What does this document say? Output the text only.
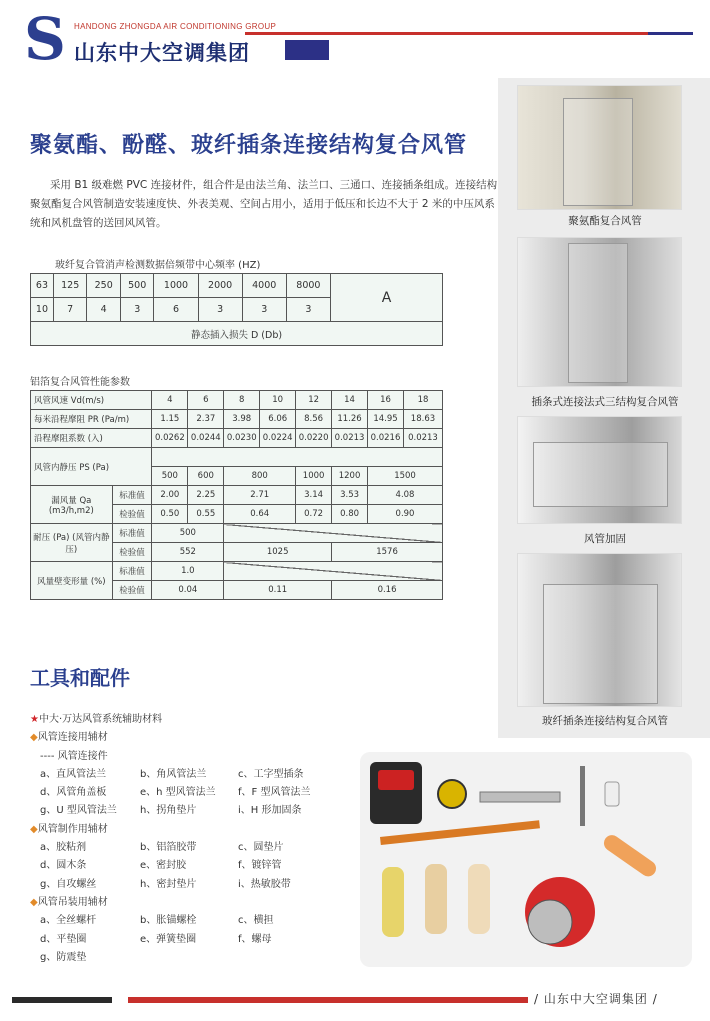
S HANDONG ZHONGDA AIR CONDITIONING GROUP
山东中大空调集团
聚氨酯复合风管
插条式连接法式三结构复合风管
风管加固
玻纤插条连接结构复合风管
聚氨酯、酚醛、玻纤插条连接结构复合风管
采用 B1 级难燃 PVC 连接材件，组合件是由法兰角、法兰口、三通口、连接插条组成。连接结构聚氨酯复合风管制造安装速度快、外表美观、空间占用小，适用于低压和长边不大于 2 米的中压风系统和风机盘管的送回风风管。
玻纤复合管消声检测数据倍频带中心频率 (HZ)
63	125	250	500	1000	2000	4000	8000	A
10	7	4	3	6	3	3	3	
静态插入损失 D (Db)								
铝箔复合风管性能参数
风管风速 Vd(m/s)		4	6	8	10	12	14	16	18
每米沿程摩阻 PR (Pa/m)		1.15	2.37	3.98	6.06	8.56	11.26	14.95	18.63
沿程摩阻系数 (入)		0.0262	0.0244	0.0230	0.0224	0.0220	0.0213	0.0216	0.0213
风管内静压 PS (Pa)									
		500	600	800		1000	1200	1500	
漏风量 Qa (m3/h,m2)	标准值	2.00	2.25	2.71		3.14	3.53	4.08	
	检验值	0.50	0.55	0.64		0.72	0.80	0.90	
耐压 (Pa) (风管内静压)	标准值	500							
	检验值	552		1025			1576		
风量壁变形量 (%)	标准值	1.0							
	检验值	0.04		0.11			0.16		
工具和配件
★中大·万达风管系统辅助材料
◆风管连接用辅材
---- 风管连接件
a、直风管法兰	b、角风管法兰	c、工字型插条
d、风管角盖板	e、h 型风管法兰 f、F 型风管法兰
g、U 型风管法兰 h、拐角垫片	i、H 形加固条
◆风管制作用辅材
a、胶粘剂	b、铝箔胶带	c、圆垫片
d、圆木条	e、密封胶	f、镀锌管
g、自攻螺丝	h、密封垫片	i、热敏胶带
◆风管吊装用辅材
a、全丝螺杆	b、胀锚螺栓	c、横担
d、平垫圈	e、弹簧垫圈	f、螺母
g、防震垫
/ 山东中大空调集团 /
